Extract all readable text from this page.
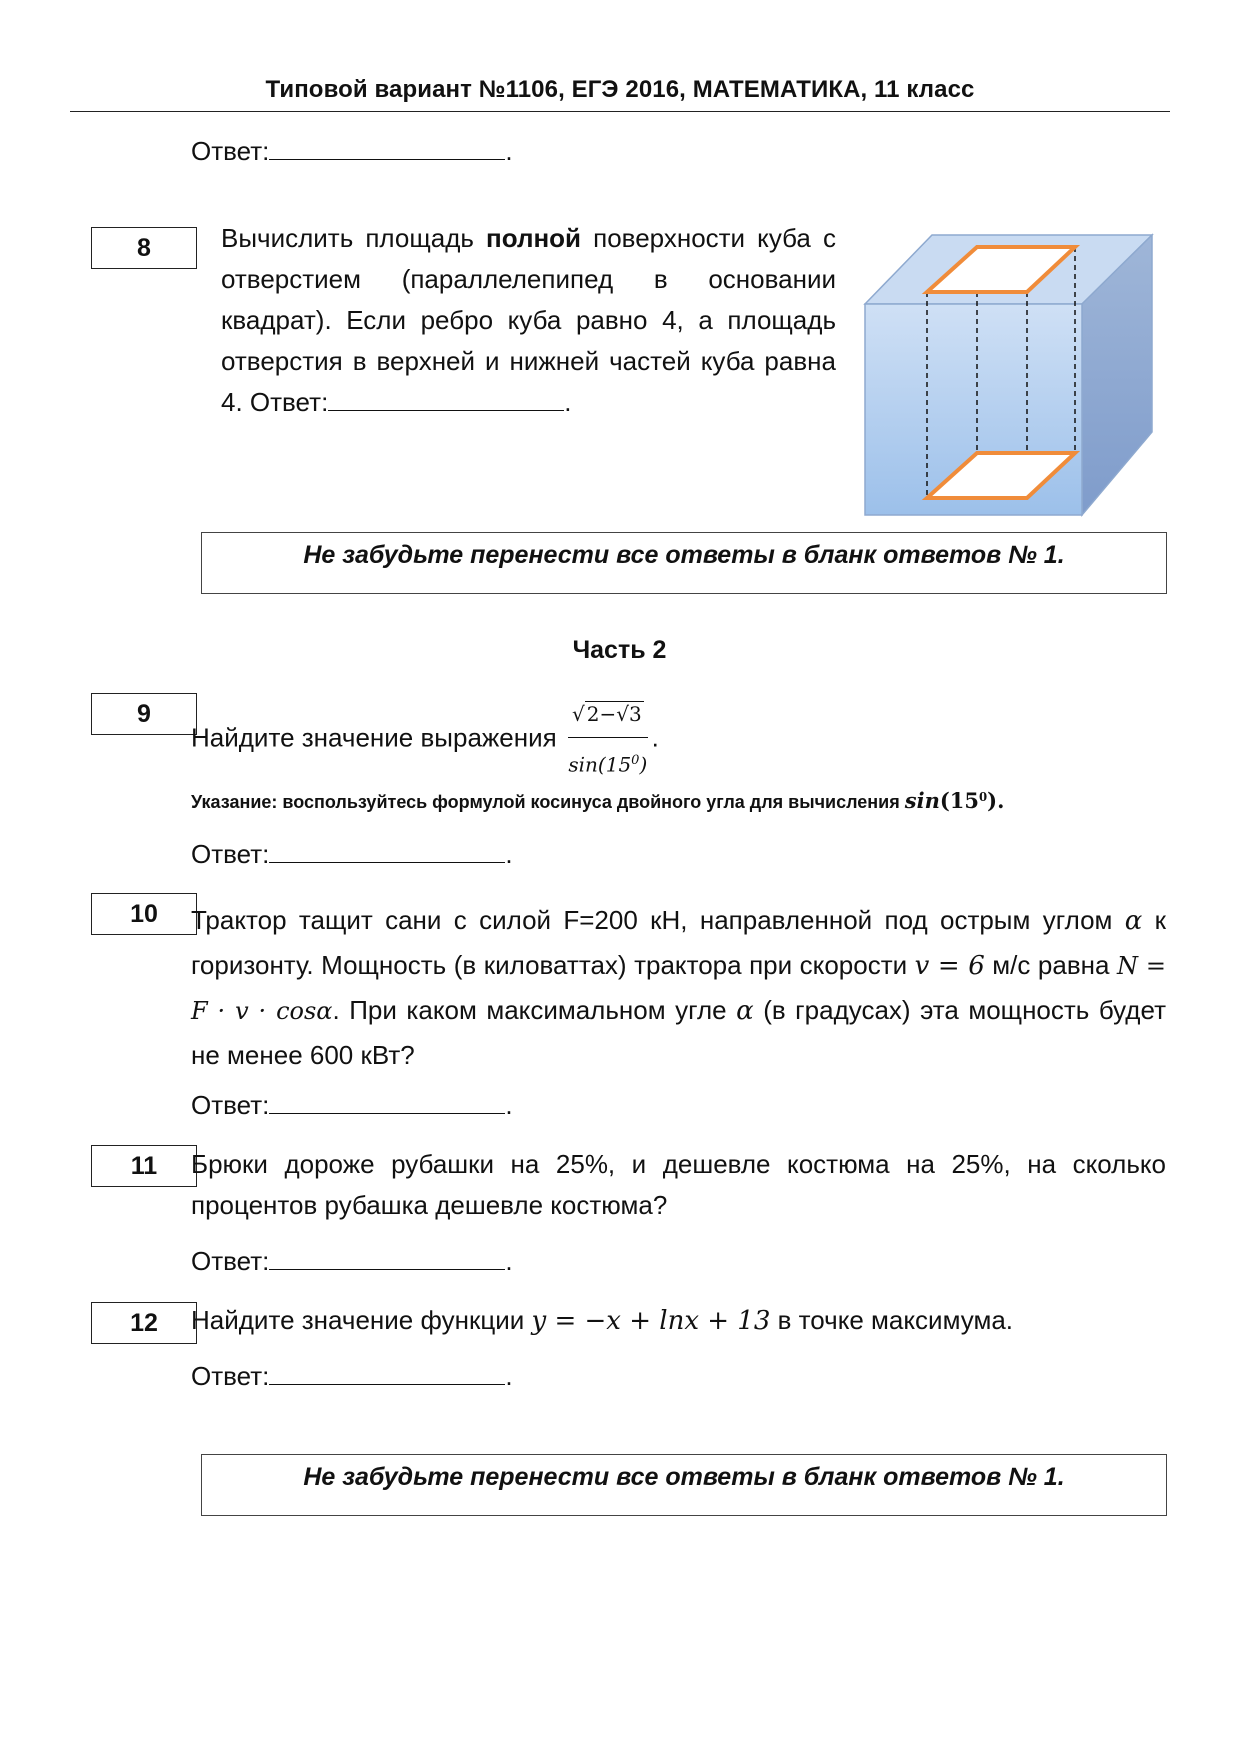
Типовой вариант №1106, ЕГЭ 2016, МАТЕМАТИКА, 11 класс
Ответ:	.
8	Вычислить площадь полной поверхности куба с отверстием (параллелепипед в основании квадрат). Если ребро куба равно 4, а площадь отверстия в верхней и нижней частей куба равна 4. Ответ:	.
Не забудьте перенести все ответы в бланк ответов № 1.
Часть 2
9
Найдите значение выражения $\frac{√ 2-√3}{\sin(15^0)}$ .
Указание: воспользуйтесь формулой косинуса двойного угла для вычисления $\sin(15^0)$.
Ответ:	.
10	Трактор тащит сани с силой F=200 кН, направленной под острым углом α к горизонту. Мощность (в киловаттах) трактора при скорости v = 6 м/с равна N = F · v · cosα. При каком максимальном угле α (в градусах) эта мощность будет не менее 600 кВт?
Ответ:	.
11	Брюки дороже рубашки на 25%, и дешевле костюма на 25%, на сколько процентов рубашка дешевле костюма?
Ответ:	.
12	Найдите значение функции y = −x + lnx + 13 в точке максимума.
Ответ:	.
Не забудьте перенести все ответы в бланк ответов № 1.
